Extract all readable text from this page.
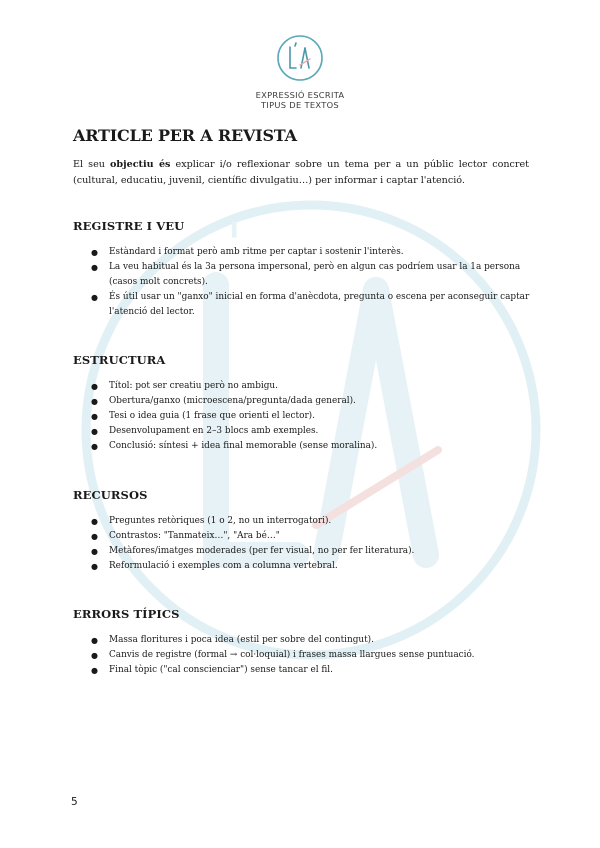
'
EXPRESSIÓ ESCRITA
TIPUS DE TEXTOS
ARTICLE PER A REVISTA

El seu objectiu és explicar i/o reflexionar sobre un tema per a un públic lector concret (cultural, educatiu, juvenil, científic divulgatiu…) per informar i captar l'atenció.

REGISTRE I VEU
● Estàndard i format però amb ritme per captar i sostenir l'interès.
● La veu habitual és la 3a persona impersonal, però en algun cas podríem usar la 1a persona (casos molt concrets).
● És útil usar un "ganxo" inicial en forma d'anècdota, pregunta o escena per aconseguir captar l'atenció del lector.
ESTRUCTURA
● Títol: pot ser creatiu però no ambigu.
● Obertura/ganxo (microescena/pregunta/dada general).
● Tesi o idea guia (1 frase que orienti el lector).
● Desenvolupament en 2–3 blocs amb exemples.
● Conclusió: síntesi + idea final memorable (sense moralina).
RECURSOS
● Preguntes retòriques (1 o 2, no un interrogatori).
● Contrastos: "Tanmateix…", "Ara bé…"
● Metàfores/imatges moderades (per fer visual, no per fer literatura).
● Reformulació i exemples com a columna vertebral.
ERRORS TÍPICS
● Massa floritures i poca idea (estil per sobre del contingut).
● Canvis de registre (formal → col·loquial) i frases massa llargues sense puntuació.
● Final tòpic ("cal conscienciar") sense tancar el fil.
5
